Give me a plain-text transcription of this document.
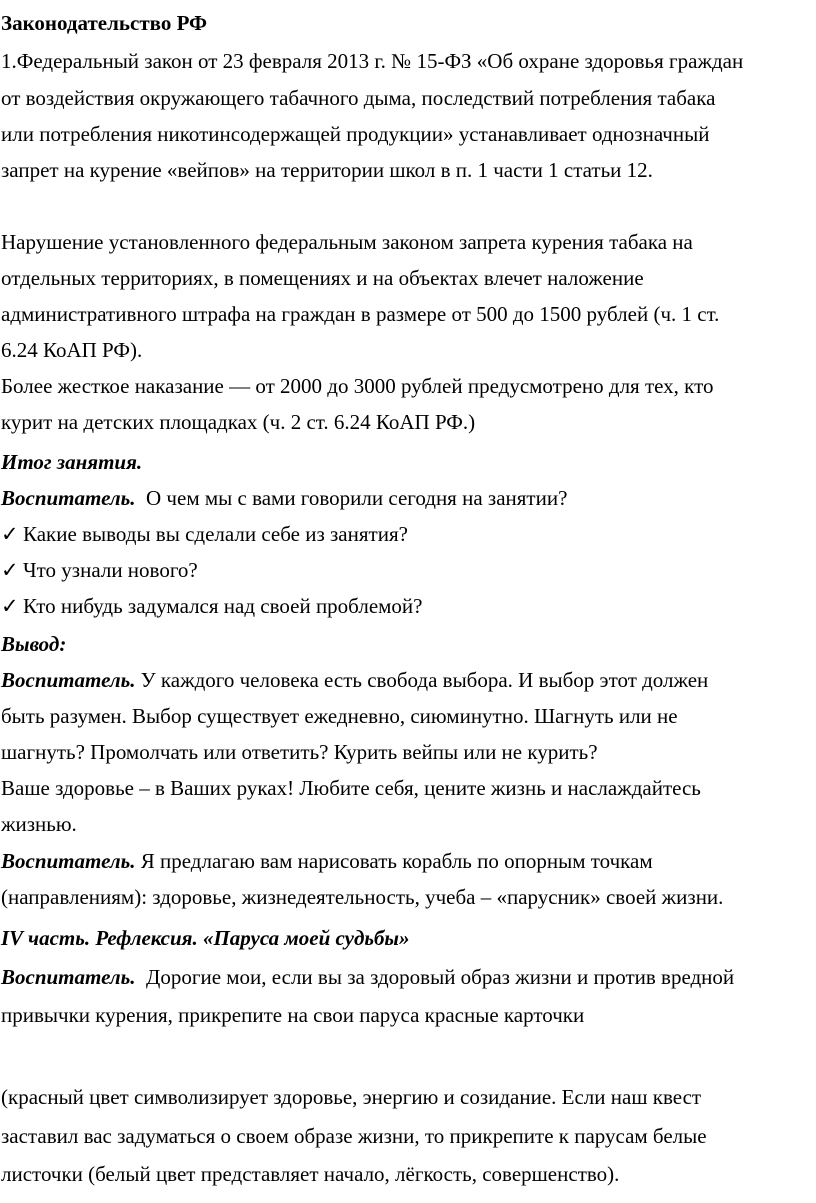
Законодательство РФ
1.Федеральный закон от 23 февраля 2013 г. № 15-ФЗ «Об охране здоровья граждан
от воздействия окружающего табачного дыма, последствий потребления табака
или потребления никотинсодержащей продукции» устанавливает однозначный
запрет на курение «вейпов» на территории школ в п. 1 части 1 статьи 12.
Нарушение установленного федеральным законом запрета курения табака на
отдельных территориях, в помещениях и на объектах влечет наложение
административного штрафа на граждан в размере от 500 до 1500 рублей (ч. 1 ст.
6.24 КоАП РФ).
Более жесткое наказание — от 2000 до 3000 рублей предусмотрено для тех, кто
курит на детских площадках (ч. 2 ст. 6.24 КоАП РФ.)
Итог занятия.
Воспитатель. О чем мы с вами говорили сегодня на занятии?
✓ Какие выводы вы сделали себе из занятия?
✓ Что узнали нового?
✓ Кто нибудь задумался над своей проблемой?
Вывод:
Воспитатель. У каждого человека есть свобода выбора. И выбор этот должен
быть разумен. Выбор существует ежедневно, сиюминутно. Шагнуть или не
шагнуть? Промолчать или ответить? Курить вейпы или не курить?
Ваше здоровье – в Ваших руках! Любите себя, цените жизнь и наслаждайтесь
жизнью.
Воспитатель. Я предлагаю вам нарисовать корабль по опорным точкам
(направлениям): здоровье, жизнедеятельность, учеба – «парусник» своей жизни.
IV часть. Рефлексия. «Паруса моей судьбы»
Воспитатель. Дорогие мои, если вы за здоровый образ жизни и против вредной
привычки курения, прикрепите на свои паруса красные карточки
(красный цвет символизирует здоровье, энергию и созидание. Если наш квест
заставил вас задуматься о своем образе жизни, то прикрепите к парусам белые
листочки (белый цвет представляет начало, лёгкость, совершенство).
